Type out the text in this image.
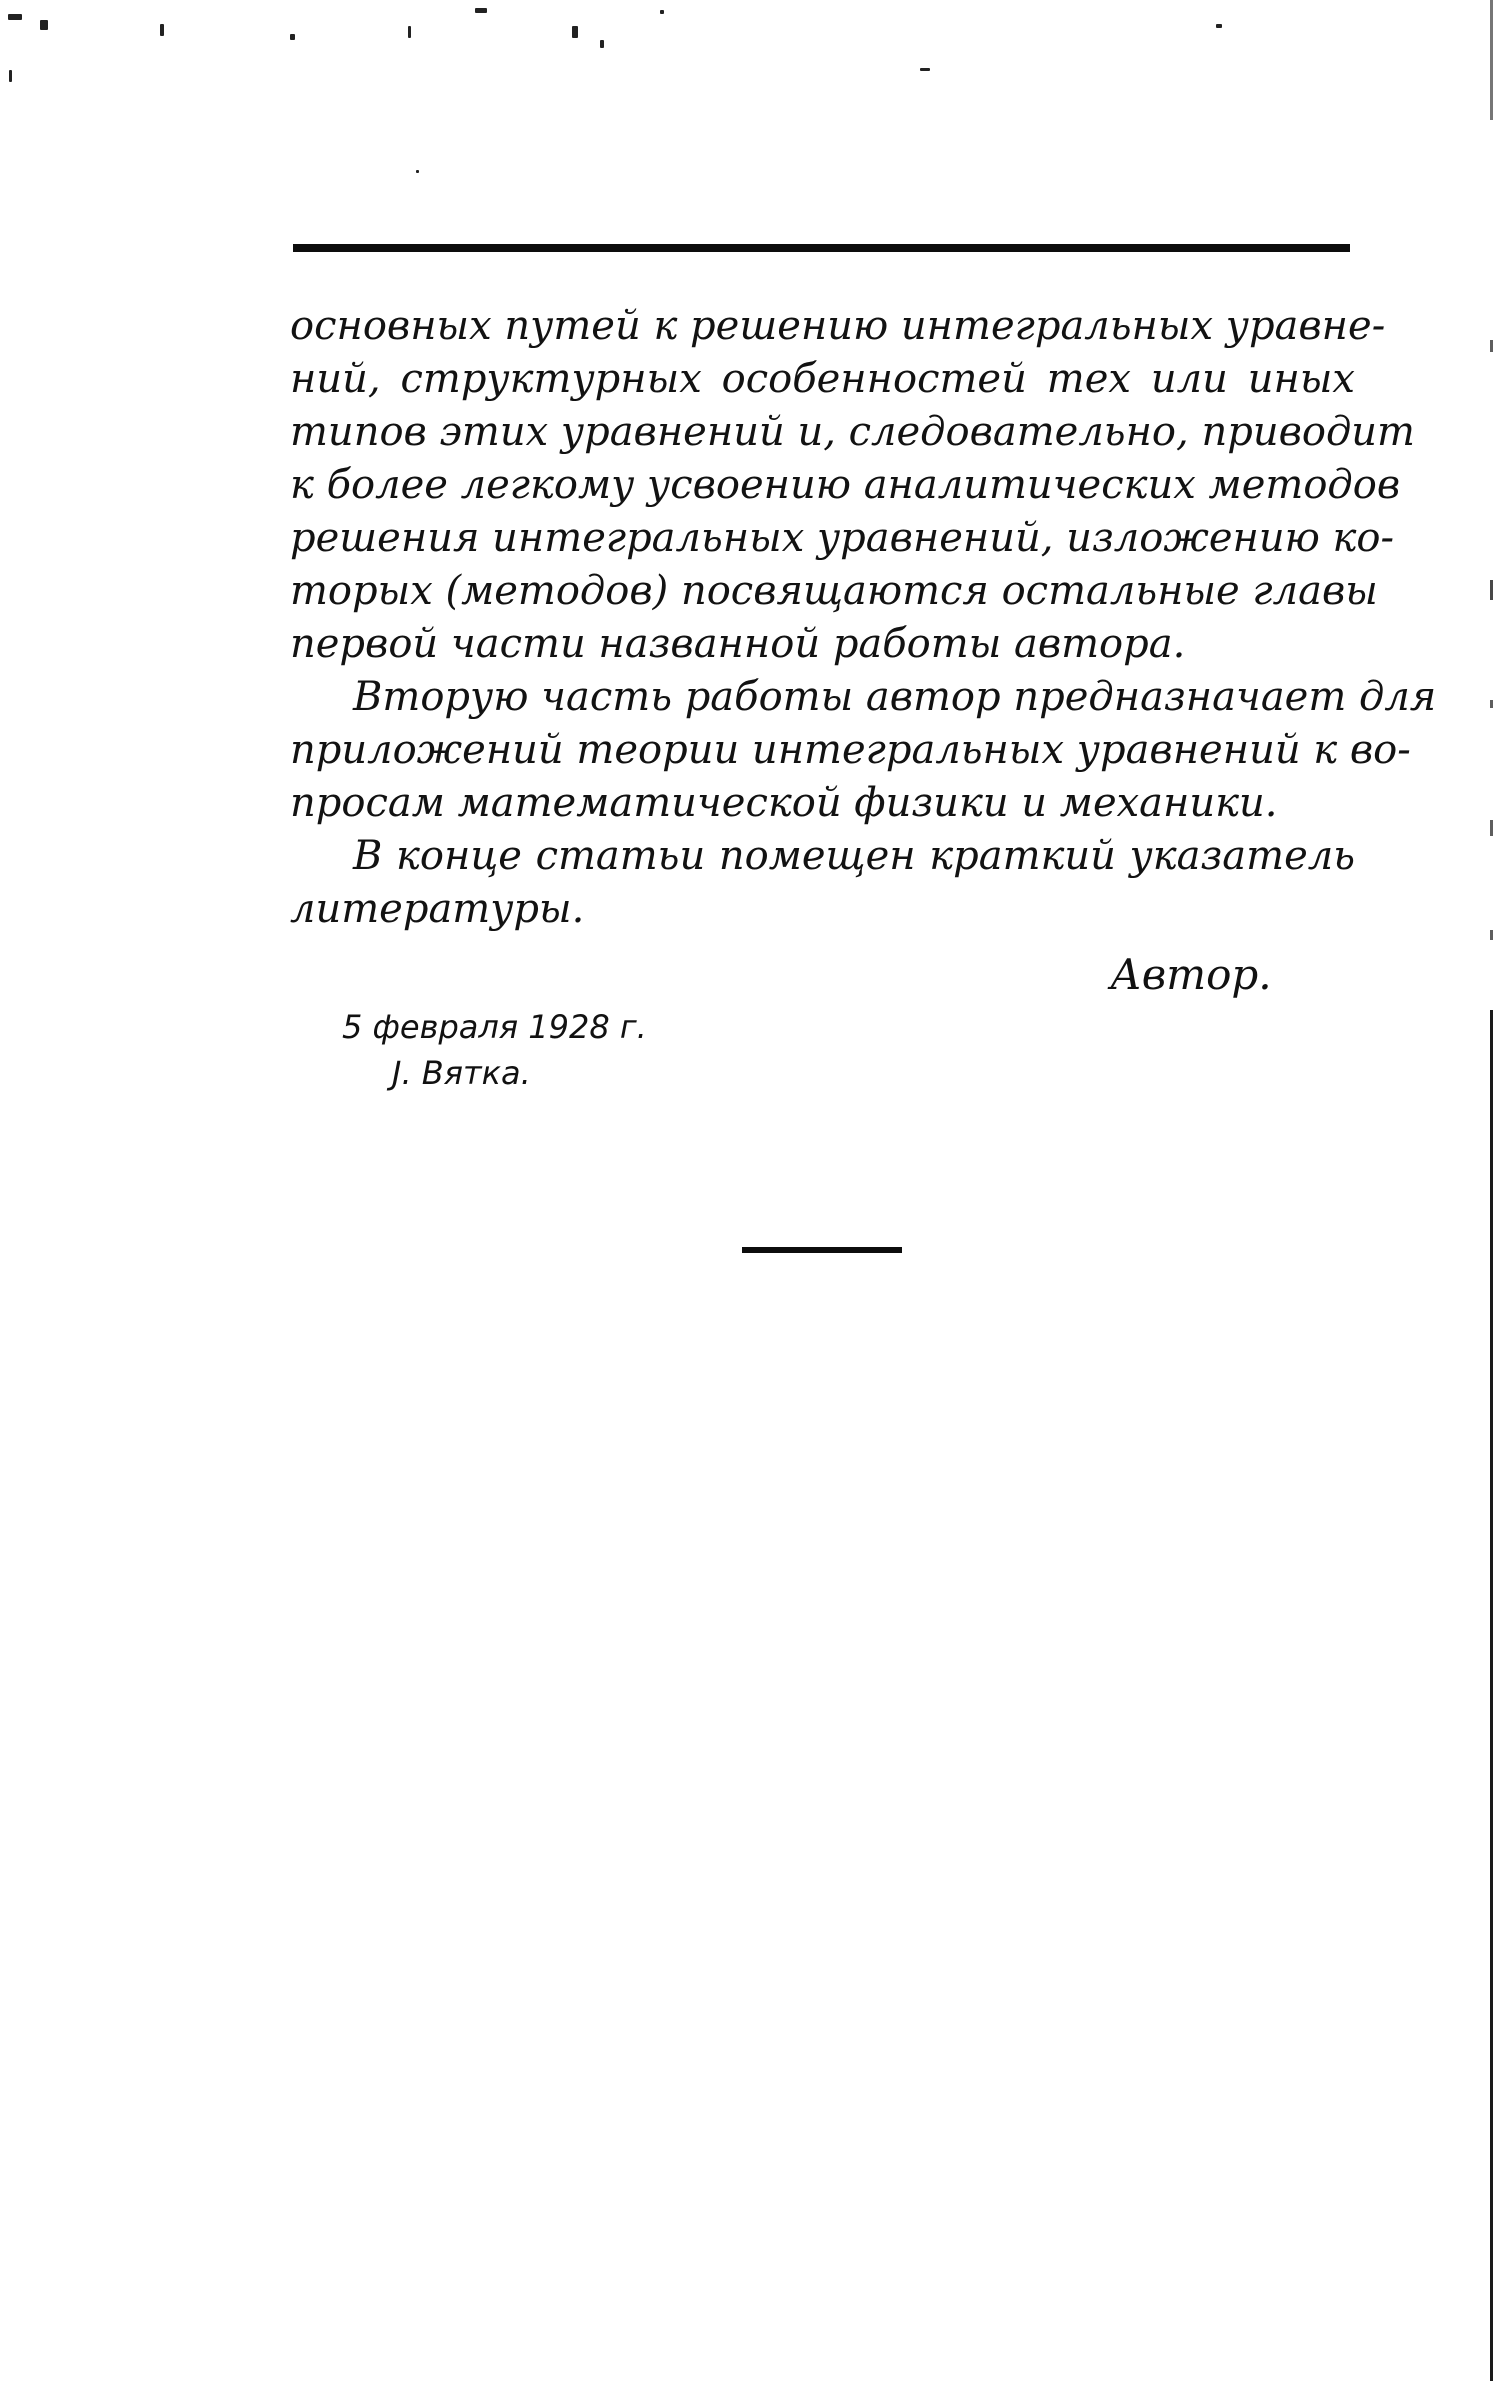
основных путей к решению интегральных уравне-
ний, структурных особенностей тех или иных
типов этих уравнений и, следовательно, приводит
к более легкому усвоению аналитических методов
решения интегральных уравнений, изложению ко-
торых (методов) посвящаются остальные главы
первой части названной работы автора.
Вторую часть работы автор предназначает для
приложений теории интегральных уравнений к во-
просам математической физики и механики.
В конце статьи помещен краткий указатель
литературы.
Автор.
5 февраля 1928 г.
J. Вятка.
